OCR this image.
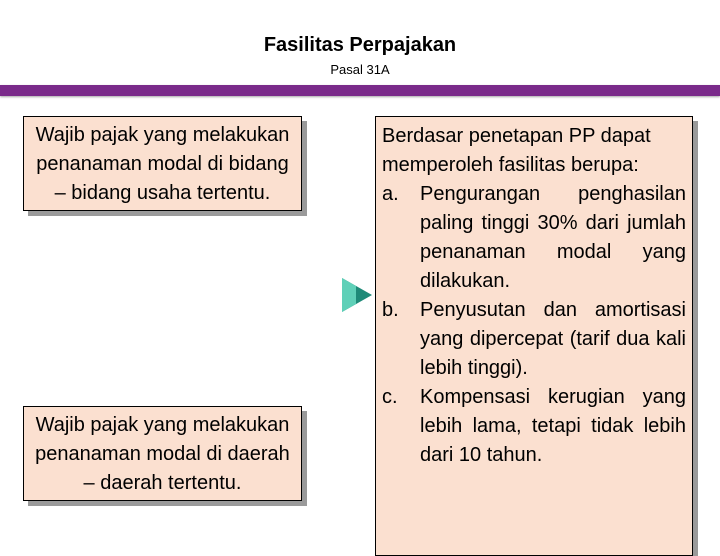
Fasilitas Perpajakan
Pasal 31A
Wajib pajak yang melakukan penanaman modal di bidang – bidang usaha tertentu.
Wajib pajak yang melakukan penanaman modal di daerah – daerah tertentu.
Berdasar penetapan PP dapat memperoleh fasilitas berupa:
a. Pengurangan penghasilan paling tinggi 30% dari jumlah penanaman modal yang dilakukan.
b. Penyusutan dan amortisasi yang dipercepat (tarif dua kali lebih tinggi).
c. Kompensasi kerugian yang lebih lama, tetapi tidak lebih dari 10 tahun.
